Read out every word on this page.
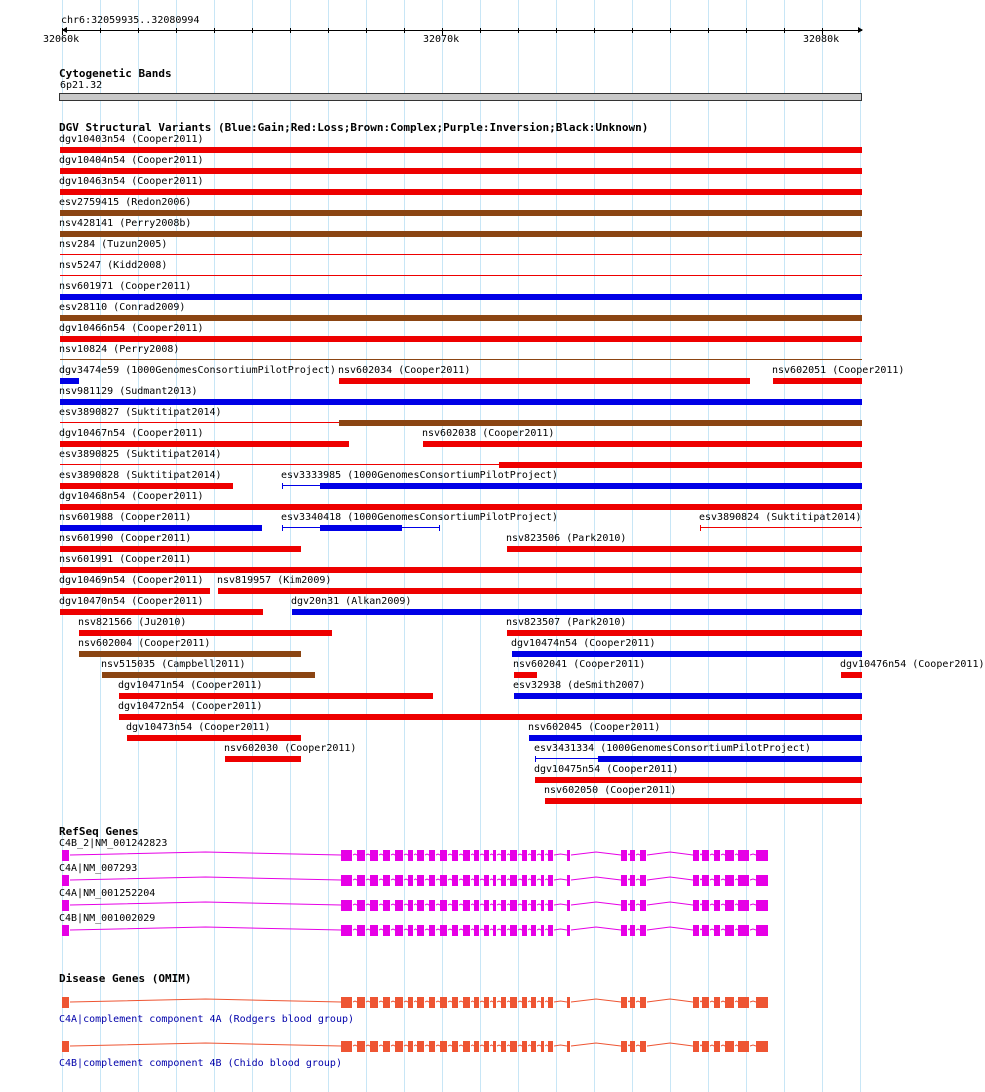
chr6:32059935..32080994
32060k	32070k	32080k
Cytogenetic Bands
6p21.32
DGV Structural Variants (Blue:Gain;Red:Loss;Brown:Complex;Purple:Inversion;Black:Unknown)
dgv10403n54 (Cooper2011)
dgv10404n54 (Cooper2011)
dgv10463n54 (Cooper2011)
esv2759415 (Redon2006)
nsv428141 (Perry2008b)
nsv284 (Tuzun2005)
nsv5247 (Kidd2008)
nsv601971 (Cooper2011)
esv28110 (Conrad2009)
dgv10466n54 (Cooper2011)
nsv10824 (Perry2008)
dgv3474e59 (1000GenomesConsortiumPilotProject) nsv602034 (Cooper2011)	nsv602051 (Cooper2011)
nsv981129 (Sudmant2013)
esv3890827 (Suktitipat2014)
dgv10467n54 (Cooper2011)	nsv602038 (Cooper2011)
esv3890825 (Suktitipat2014)
esv3890828 (Suktitipat2014)	esv3333985 (1000GenomesConsortiumPilotProject)
dgv10468n54 (Cooper2011)
nsv601988 (Cooper2011)	esv3340418 (1000GenomesConsortiumPilotProject)	esv3890824 (Suktitipat2014)
nsv601990 (Cooper2011)	nsv823506 (Park2010)
nsv601991 (Cooper2011)
dgv10469n54 (Cooper2011) nsv819957 (Kim2009)
dgv10470n54 (Cooper2011)	dgv20n31 (Alkan2009)
nsv821566 (Ju2010)	nsv823507 (Park2010)
nsv602004 (Cooper2011)	dgv10474n54 (Cooper2011)
nsv515035 (Campbell2011)	nsv602041 (Cooper2011)	dgv10476n54 (Cooper2011)
dgv10471n54 (Cooper2011)	esv32938 (deSmith2007)
dgv10472n54 (Cooper2011)
dgv10473n54 (Cooper2011)	nsv602045 (Cooper2011)
nsv602030 (Cooper2011)	esv3431334 (1000GenomesConsortiumPilotProject)
dgv10475n54 (Cooper2011)
nsv602050 (Cooper2011)
RefSeq Genes
C4B_2|NM_001242823
C4A|NM_007293
C4A|NM_001252204
C4B|NM_001002029
Disease Genes (OMIM)
C4A|complement component 4A (Rodgers blood group)
C4B|complement component 4B (Chido blood group)
